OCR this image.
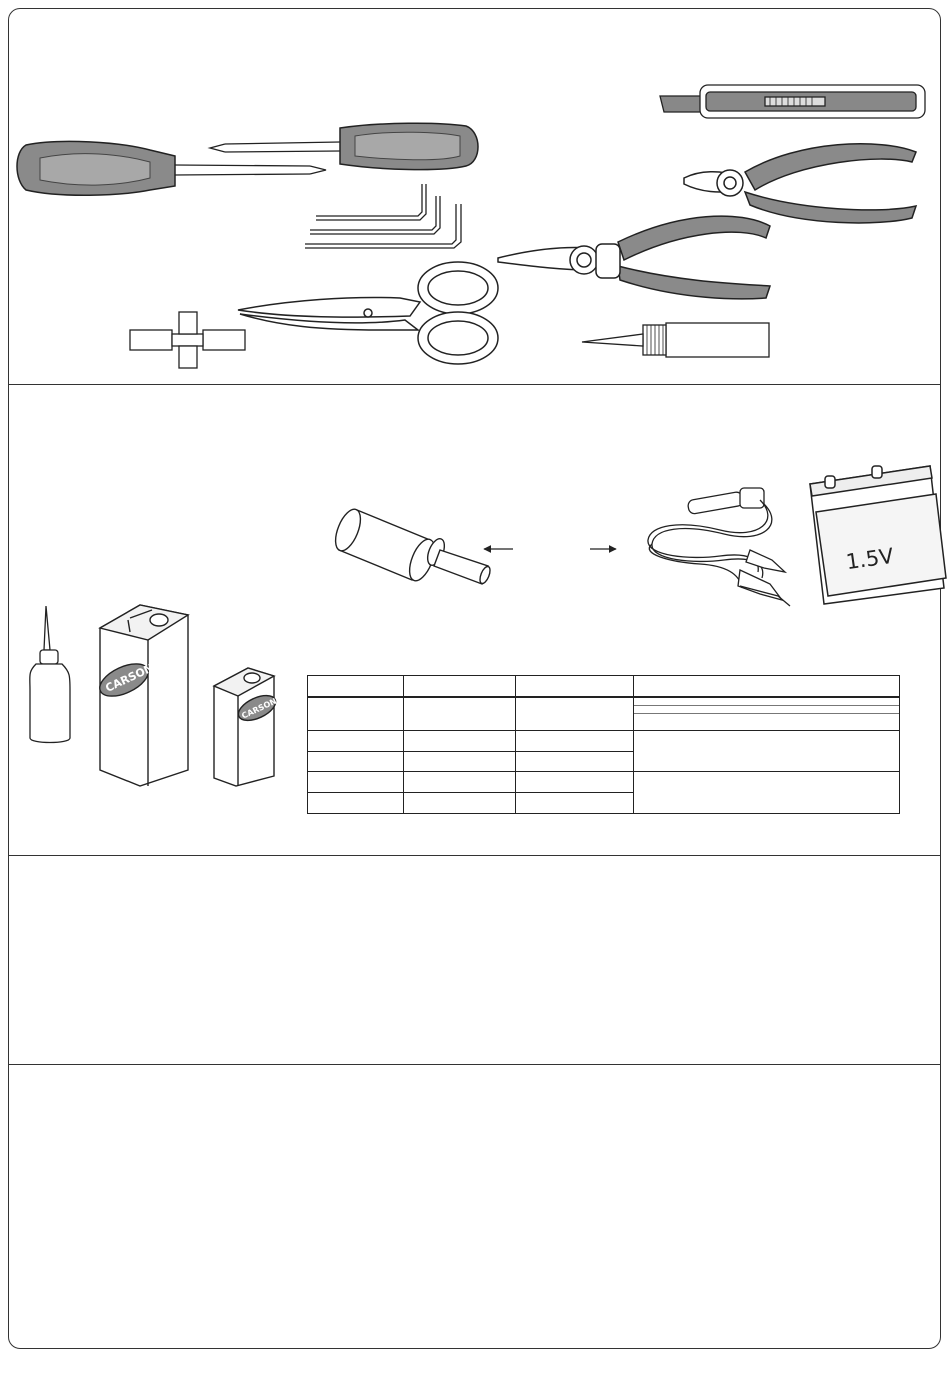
1.5V
CARSON
CARSON
